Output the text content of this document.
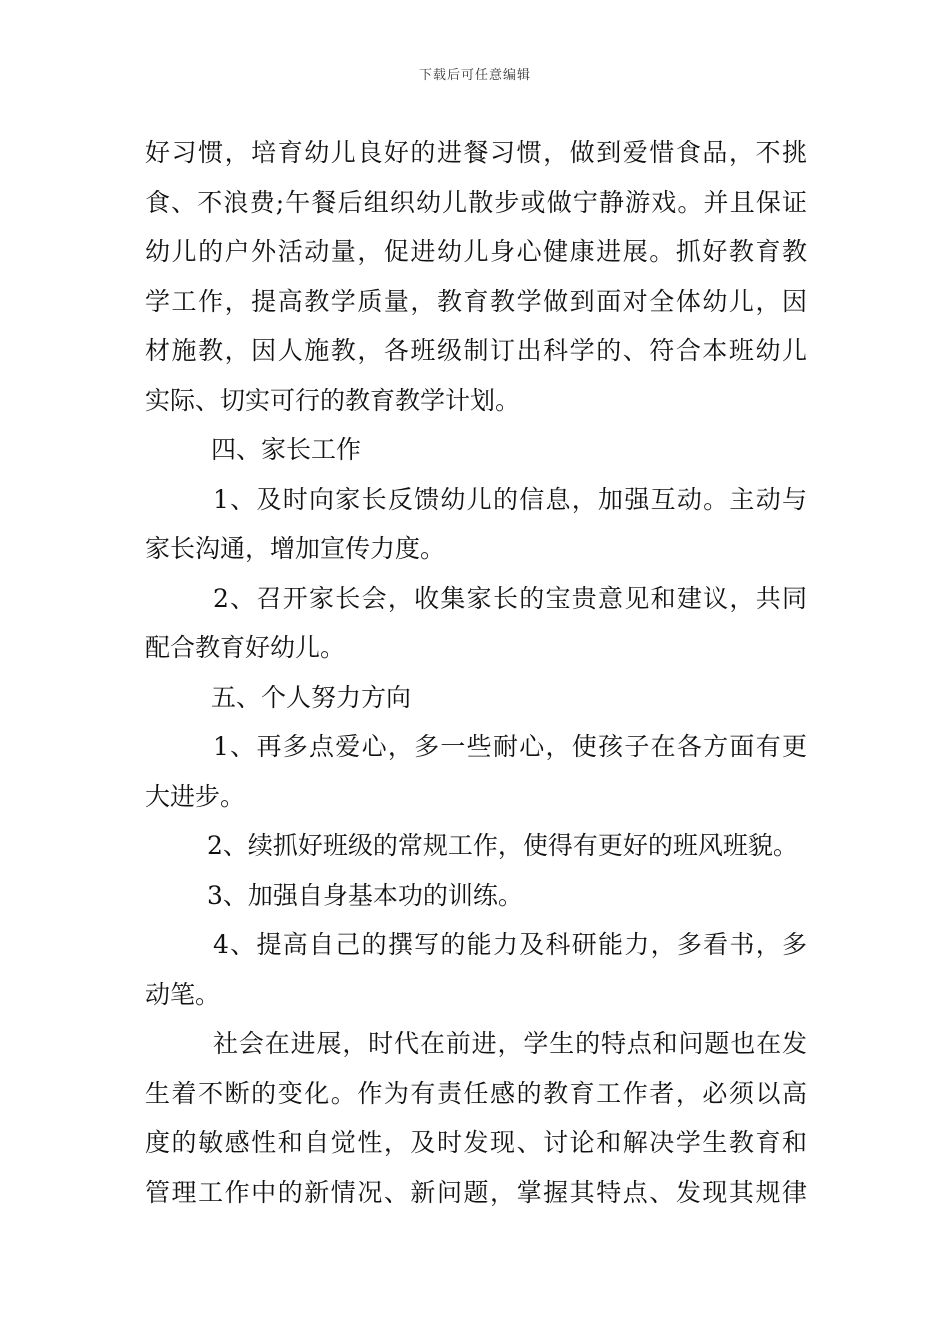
下载后可任意编辑
好习惯，培育幼儿良好的进餐习惯，做到爱惜食品，不挑
食、不浪费;午餐后组织幼儿散步或做宁静游戏。并且保证
幼儿的户外活动量，促进幼儿身心健康进展。抓好教育教
学工作，提高教学质量，教育教学做到面对全体幼儿，因
材施教，因人施教，各班级制订出科学的、符合本班幼儿
实际、切实可行的教育教学计划。
四、家长工作
1、及时向家长反馈幼儿的信息，加强互动。主动与
家长沟通，增加宣传力度。
2、召开家长会，收集家长的宝贵意见和建议，共同
配合教育好幼儿。
五、个人努力方向
1、再多点爱心，多一些耐心，使孩子在各方面有更
大进步。
2、续抓好班级的常规工作，使得有更好的班风班貌。
3、加强自身基本功的训练。
4、提高自己的撰写的能力及科研能力，多看书，多
动笔。
社会在进展，时代在前进，学生的特点和问题也在发
生着不断的变化。作为有责任感的教育工作者，必须以高
度的敏感性和自觉性，及时发现、讨论和解决学生教育和
管理工作中的新情况、新问题，掌握其特点、发现其规律
